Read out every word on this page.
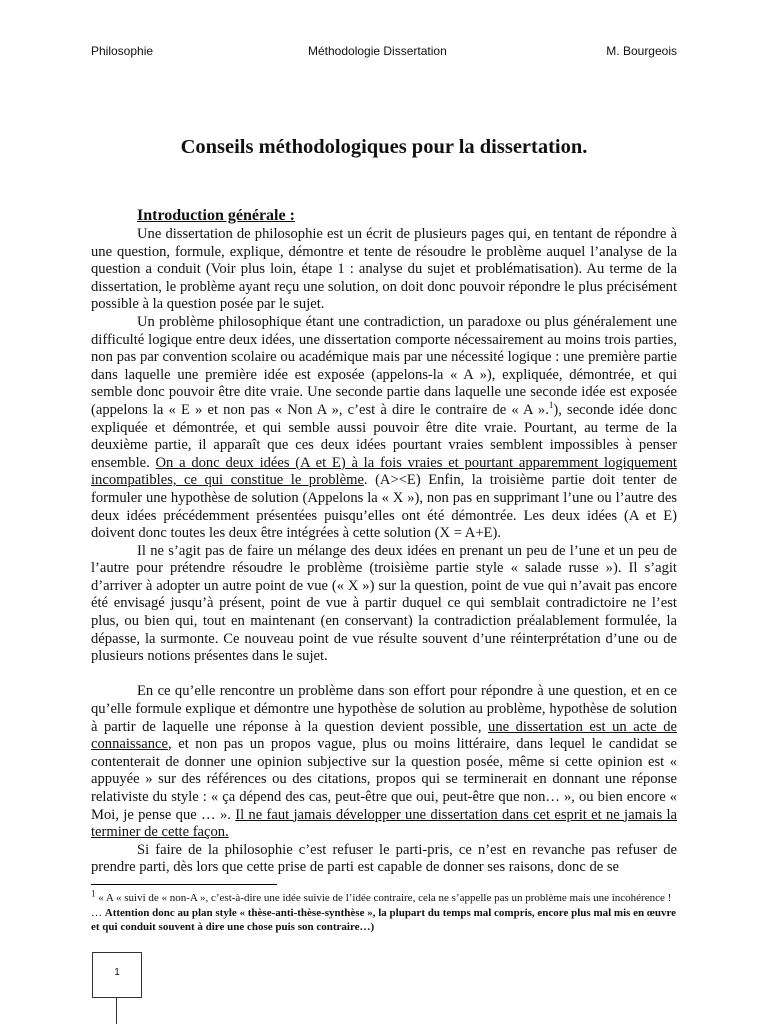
Philosophie	Méthodologie Dissertation	M. Bourgeois
Conseils méthodologiques pour la dissertation.
Introduction générale :

Une dissertation de philosophie est un écrit de plusieurs pages qui, en tentant de répondre à une question, formule, explique, démontre et tente de résoudre le problème auquel l’analyse de la question a conduit (Voir plus loin, étape 1 : analyse du sujet et problématisation). Au terme de la dissertation, le problème ayant reçu une solution, on doit donc pouvoir répondre le plus précisément possible à la question posée par le sujet.

Un problème philosophique étant une contradiction, un paradoxe ou plus généralement une difficulté logique entre deux idées, une dissertation comporte nécessairement au moins trois parties, non pas par convention scolaire ou académique mais par une nécessité logique : une première partie dans laquelle une première idée est exposée (appelons-la « A »), expliquée, démontrée, et qui semble donc pouvoir être dite vraie. Une seconde partie dans laquelle une seconde idée est exposée (appelons la « E » et non pas « Non A », c’est à dire le contraire de « A ».$^1$), seconde idée donc expliquée et démontrée, et qui semble aussi pouvoir être dite vraie. Pourtant, au terme de la deuxième partie, il apparaît que ces deux idées pourtant vraies semblent impossibles à penser ensemble. On a donc deux idées (A et E) à la fois vraies et pourtant apparemment logiquement incompatibles, ce qui constitue le problème. (A><E) Enfin, la troisième partie doit tenter de formuler une hypothèse de solution (Appelons la « X »), non pas en supprimant l’une ou l’autre des deux idées précédemment présentées puisqu’elles ont été démontrée. Les deux idées (A et E) doivent donc toutes les deux être intégrées à cette solution (X = A+E).

Il ne s’agit pas de faire un mélange des deux idées en prenant un peu de l’une et un peu de l’autre pour prétendre résoudre le problème (troisième partie style « salade russe »). Il s’agit d’arriver à adopter un autre point de vue (« X ») sur la question, point de vue qui n’avait pas encore été envisagé jusqu’à présent, point de vue à partir duquel ce qui semblait contradictoire ne l’est plus, ou bien qui, tout en maintenant (en conservant) la contradiction préalablement formulée, la dépasse, la surmonte. Ce nouveau point de vue résulte souvent d’une réinterprétation d’une ou de plusieurs notions présentes dans le sujet.

En ce qu’elle rencontre un problème dans son effort pour répondre à une question, et en ce qu’elle formule explique et démontre une hypothèse de solution au problème, hypothèse de solution à partir de laquelle une réponse à la question devient possible, une dissertation est un acte de connaissance, et non pas un propos vague, plus ou moins littéraire, dans lequel le candidat se contenterait de donner une opinion subjective sur la question posée, même si cette opinion est « appuyée » sur des références ou des citations, propos qui se terminerait en donnant une réponse relativiste du style : « ça dépend des cas, peut-être que oui, peut-être que non… », ou bien encore « Moi, je pense que … ». Il ne faut jamais développer une dissertation dans cet esprit et ne jamais la terminer de cette façon.

Si faire de la philosophie c’est refuser le parti-pris, ce n’est en revanche pas refuser de prendre parti, dès lors que cette prise de parti est capable de donner ses raisons, donc de se

$^1$ « A « suivi de « non-A », c’est-à-dire une idée suivie de l’idée contraire, cela ne s’appelle pas un problème mais une incohérence ! … Attention donc au plan style « thèse-anti-thèse-synthèse », la plupart du temps mal compris, encore plus mal mis en œuvre et qui conduit souvent à dire une chose puis son contraire…)

1
